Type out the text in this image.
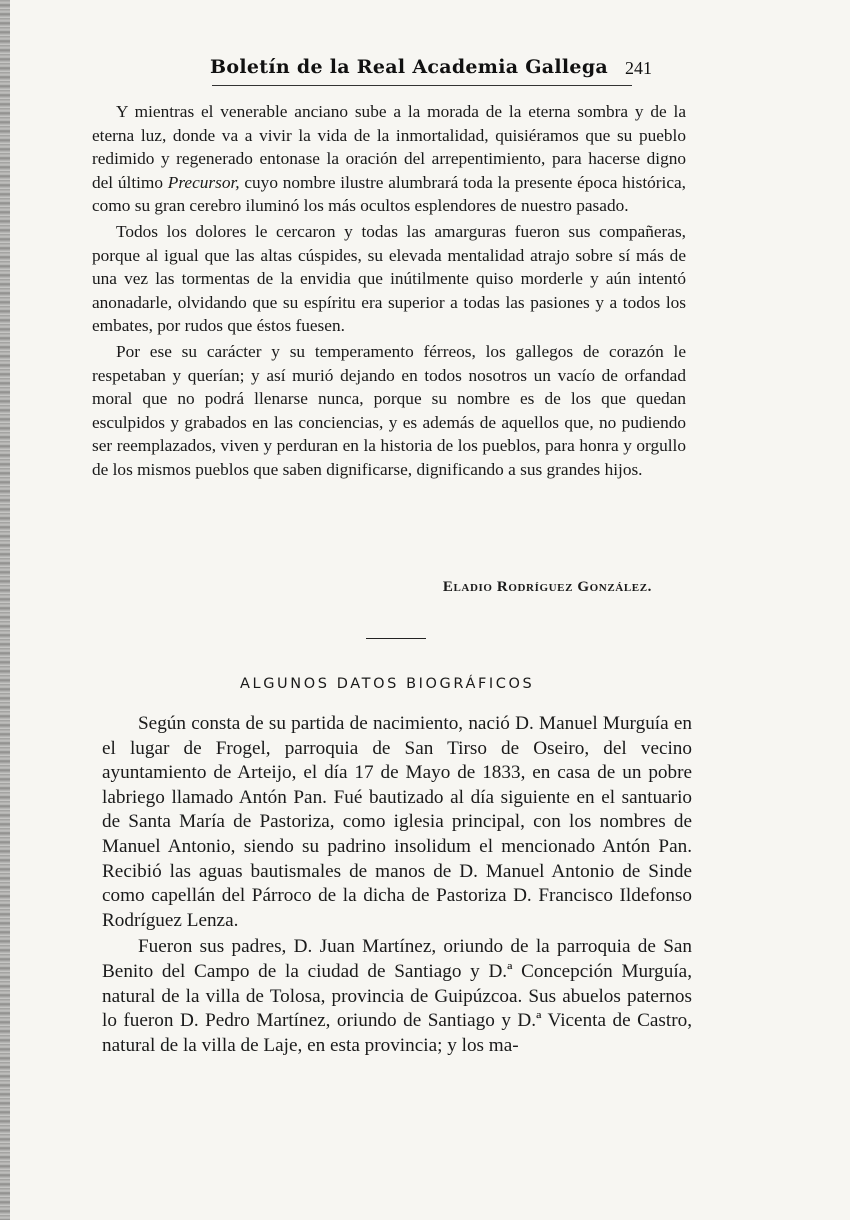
Boletín de la Real Academia Gallega 241

Y mientras el venerable anciano sube a la morada de la eterna sombra y de la eterna luz, donde va a vivir la vida de la inmortalidad, quisiéramos que su pueblo redimido y regenerado entonase la oración del arrepentimiento, para hacerse digno del último Precursor, cuyo nombre ilustre alumbrará toda la presente época histórica, como su gran cerebro iluminó los más ocultos esplendores de nuestro pasado.

Todos los dolores le cercaron y todas las amarguras fueron sus compañeras, porque al igual que las altas cúspides, su elevada mentalidad atrajo sobre sí más de una vez las tormentas de la envidia que inútilmente quiso morderle y aún intentó anonadarle, olvidando que su espíritu era superior a todas las pasiones y a todos los embates, por rudos que éstos fuesen.

Por ese su carácter y su temperamento férreos, los gallegos de corazón le respetaban y querían; y así murió dejando en todos nosotros un vacío de orfandad moral que no podrá llenarse nunca, porque su nombre es de los que quedan esculpidos y grabados en las conciencias, y es además de aquellos que, no pudiendo ser reemplazados, viven y perduran en la historia de los pueblos, para honra y orgullo de los mismos pueblos que saben dignificarse, dignificando a sus grandes hijos.

Eladio Rodríguez González.
ALGUNOS DATOS BIOGRÁFICOS

Según consta de su partida de nacimiento, nació D. Manuel Murguía en el lugar de Frogel, parroquia de San Tirso de Oseiro, del vecino ayuntamiento de Arteijo, el día 17 de Mayo de 1833, en casa de un pobre labriego llamado Antón Pan. Fué bautizado al día siguiente en el santuario de Santa María de Pastoriza, como iglesia principal, con los nombres de Manuel Antonio, siendo su padrino insolidum el mencionado Antón Pan. Recibió las aguas bautismales de manos de D. Manuel Antonio de Sinde como capellán del Párroco de la dicha de Pastoriza D. Francisco Ildefonso Rodríguez Lenza.

Fueron sus padres, D. Juan Martínez, oriundo de la parroquia de San Benito del Campo de la ciudad de Santiago y D.ª Concepción Murguía, natural de la villa de Tolosa, provincia de Guipúzcoa. Sus abuelos paternos lo fueron D. Pedro Martínez, oriundo de Santiago y D.ª Vicenta de Castro, natural de la villa de Laje, en esta provincia; y los ma-
